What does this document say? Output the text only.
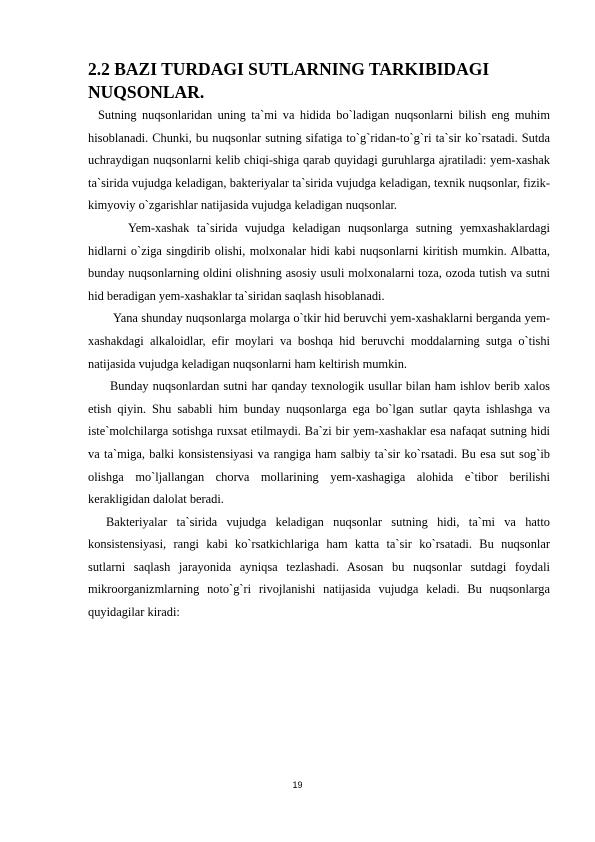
2.2 BAZI TURDAGI SUTLARNING TARKIBIDAGI
NUQSONLAR.

Sutning nuqsonlaridan uning ta`mi va hidida bo`ladigan nuqsonlarni bilish eng muhim hisoblanadi. Chunki, bu nuqsonlar sutning sifatiga to`g`ridan-to`g`ri ta`sir ko`rsatadi. Sutda uchraydigan nuqsonlarni kelib chiqi-shiga qarab quyidagi guruhlarga ajratiladi: yem-xashak ta`sirida vujudga keladigan, bakteriyalar ta`sirida vujudga keladigan, texnik nuqsonlar, fizik-kimyoviy o`zgarishlar natijasida vujudga keladigan nuqsonlar.

Yem-xashak ta`sirida vujudga keladigan nuqsonlarga sutning yemxashaklardagi hidlarni o`ziga singdirib olishi, molxonalar hidi kabi nuqsonlarni kiritish mumkin. Albatta, bunday nuqsonlarning oldini olishning asosiy usuli molxonalarni toza, ozoda tutish va sutni hid beradigan yem-xashaklar ta`siridan saqlash hisoblanadi.

Yana shunday nuqsonlarga molarga o`tkir hid beruvchi yem-xashaklarni berganda yem-xashakdagi alkaloidlar, efir moylari va boshqa hid beruvchi moddalarning sutga o`tishi natijasida vujudga keladigan nuqsonlarni ham keltirish mumkin.

Bunday nuqsonlardan sutni har qanday texnologik usullar bilan ham ishlov berib xalos etish qiyin. Shu sababli him bunday nuqsonlarga ega bo`lgan sutlar qayta ishlashga va iste`molchilarga sotishga ruxsat etilmaydi. Ba`zi bir yem-xashaklar esa nafaqat sutning hidi va ta`miga, balki konsistensiyasi va rangiga ham salbiy ta`sir ko`rsatadi. Bu esa sut sog`ib olishga mo`ljallangan chorva mollarining yem-xashagiga alohida e`tibor berilishi kerakligidan dalolat beradi.

Bakteriyalar ta`sirida vujudga keladigan nuqsonlar sutning hidi, ta`mi va hatto konsistensiyasi, rangi kabi ko`rsatkichlariga ham katta ta`sir ko`rsatadi. Bu nuqsonlar sutlarni saqlash jarayonida ayniqsa tezlashadi. Asosan bu nuqsonlar sutdagi foydali mikroorganizmlarning noto`g`ri rivojlanishi natijasida vujudga keladi. Bu nuqsonlarga quyidagilar kiradi:

19
